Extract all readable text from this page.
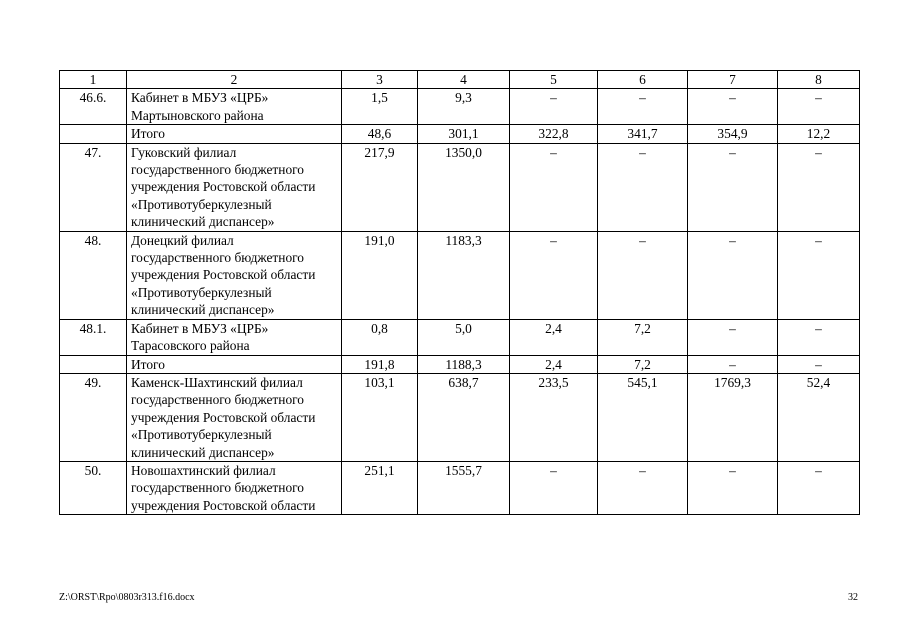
1	2	3	4	5	6	7	8
46.6.	Кабинет в МБУЗ «ЦРБ» Мартыновского района	1,5	9,3	–	–	–	–
	Итого	48,6	301,1	322,8	341,7	354,9	12,2
47.	Гуковский филиал государственного бюджетного учреждения Ростовской области «Противотуберкулезный клинический диспансер»	217,9	1350,0	–	–	–	–
48.	Донецкий филиал государственного бюджетного учреждения Ростовской области «Противотуберкулезный клинический диспансер»	191,0	1183,3	–	–	–	–
48.1.	Кабинет в МБУЗ «ЦРБ» Тарасовского района	0,8	5,0	2,4	7,2	–	–
	Итого	191,8	1188,3	2,4	7,2	–	–
49.	Каменск-Шахтинский филиал государственного бюджетного учреждения Ростовской области «Противотуберкулезный клинический диспансер»	103,1	638,7	233,5	545,1	1769,3	52,4
50.	Новошахтинский филиал государственного бюджетного учреждения Ростовской области	251,1	1555,7	–	–	–	–
Z:\ORST\Rpo\0803r313.f16.docx	32
